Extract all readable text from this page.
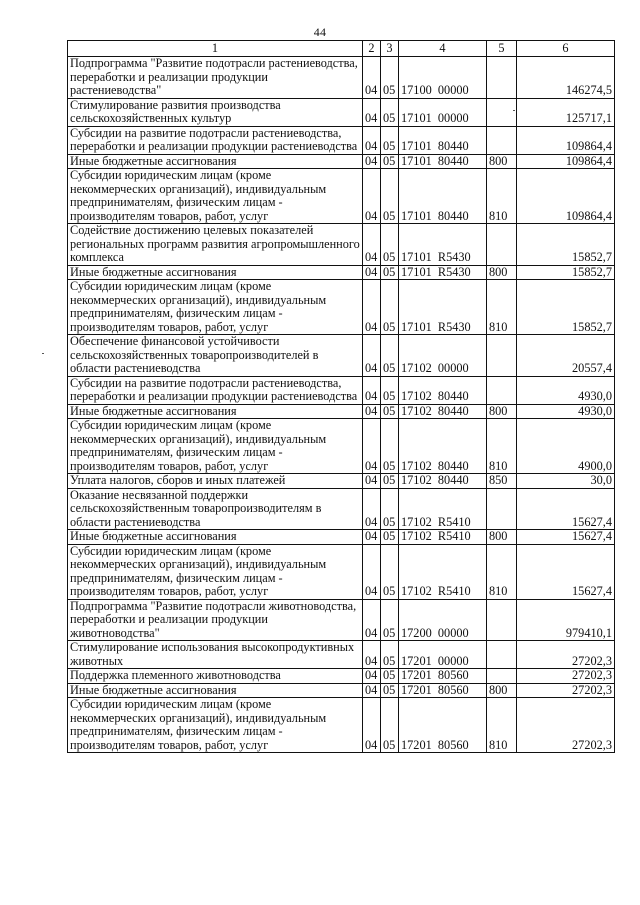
44
1	2	3	4	5	6
Подпрограмма "Развитие подотрасли растениеводства, переработки и реализации продукции растениеводства"	04	05	17100  00000		146274,5
Стимулирование развития производства сельскохозяйственных культур	04	05	17101  00000		125717,1
Субсидии на развитие подотрасли растениеводства, переработки и реализации продукции растениеводства	04	05	17101  80440		109864,4
Иные бюджетные ассигнования	04	05	17101  80440	800	109864,4
Субсидии юридическим лицам (кроме некоммерческих организаций), индивидуальным предпринимателям, физическим лицам - производителям товаров, работ, услуг	04	05	17101  80440	810	109864,4
Содействие достижению целевых показателей региональных программ развития агропромышленного комплекса	04	05	17101  R5430		15852,7
Иные бюджетные ассигнования	04	05	17101  R5430	800	15852,7
Субсидии юридическим лицам (кроме некоммерческих организаций), индивидуальным предпринимателям, физическим лицам - производителям товаров, работ, услуг	04	05	17101  R5430	810	15852,7
Обеспечение финансовой устойчивости сельскохозяйственных товаропроизводителей в области растениеводства	04	05	17102  00000		20557,4
Субсидии на развитие подотрасли растениеводства, переработки и реализации продукции растениеводства	04	05	17102  80440		4930,0
Иные бюджетные ассигнования	04	05	17102  80440	800	4930,0
Субсидии юридическим лицам (кроме некоммерческих организаций), индивидуальным предпринимателям, физическим лицам - производителям товаров, работ, услуг	04	05	17102  80440	810	4900,0
Уплата налогов, сборов и иных платежей	04	05	17102  80440	850	30,0
Оказание несвязанной поддержки сельскохозяйственным товаропроизводителям в области растениеводства	04	05	17102  R5410		15627,4
Иные бюджетные ассигнования	04	05	17102  R5410	800	15627,4
Субсидии юридическим лицам (кроме некоммерческих организаций), индивидуальным предпринимателям, физическим лицам - производителям товаров, работ, услуг	04	05	17102  R5410	810	15627,4
Подпрограмма "Развитие подотрасли животноводства, переработки и реализации продукции животноводства"	04	05	17200  00000		979410,1
Стимулирование использования высокопродуктивных животных	04	05	17201  00000		27202,3
Поддержка племенного животноводства	04	05	17201  80560		27202,3
Иные бюджетные ассигнования	04	05	17201  80560	800	27202,3
Субсидии юридическим лицам (кроме некоммерческих организаций), индивидуальным предпринимателям, физическим лицам - производителям товаров, работ, услуг	04	05	17201  80560	810	27202,3
